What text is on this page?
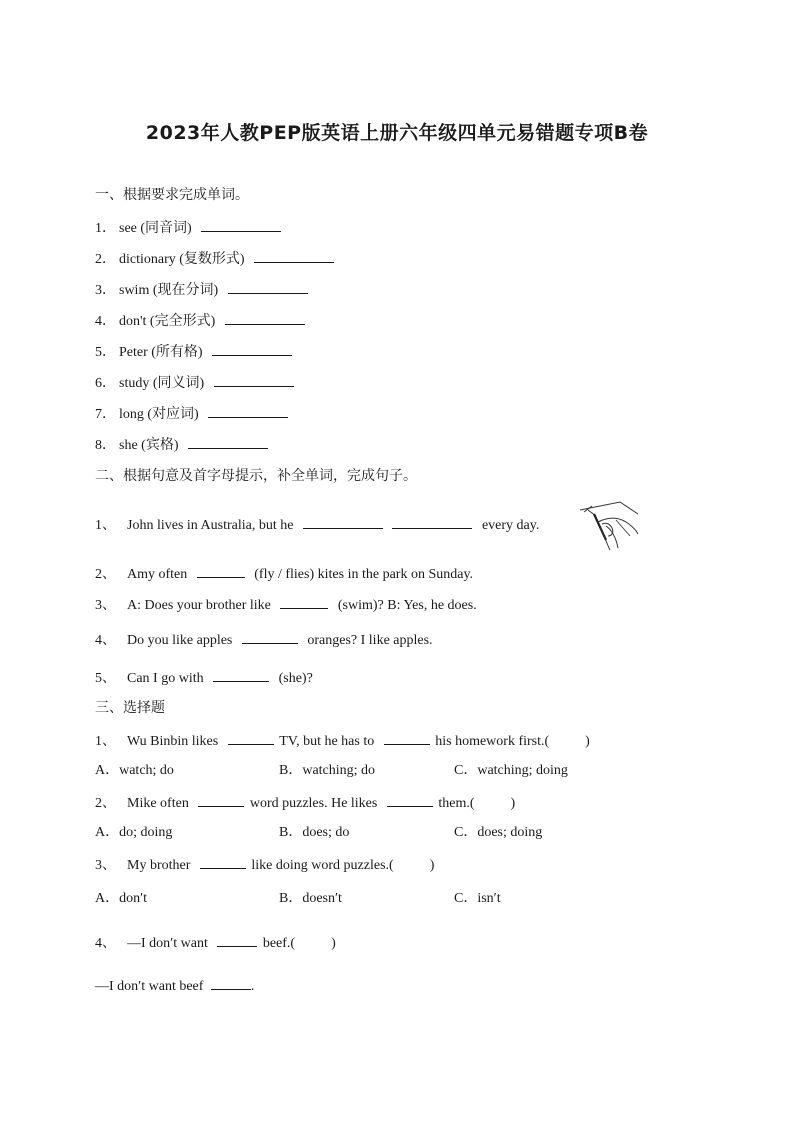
2023年人教PEP版英语上册六年级四单元易错题专项B卷
一、根据要求完成单词。
1． see (同音词)
2． dictionary (复数形式)
3． swim (现在分词)
4． don't (完全形式)
5． Peter (所有格)
6． study (同义词)
7． long (对应词)
8． she (宾格)
二、根据句意及首字母提示，补全单词，完成句子。
1、 John lives in Australia, but he	every day.
2、 Amy often	(fly / flies) kites in the park on Sunday.
3、 A: Does your brother like	(swim)? B: Yes, he does.
4、 Do you like apples	oranges? I like apples.
5、 Can I go with	(she)?
三、选择题
1、 Wu Binbin likes	TV, but he has to	his homework first.(	)
A．watch; do	B．watching; do	C．watching; doing
2、 Mike often	word puzzles. He likes	them.(	)
A．do; doing	B．does; do	C．does; doing
3、 My brother	like doing word puzzles.(	)
A．don′t	B．doesn′t	C．isn′t
4、 —I don′t want	beef.(	)
—I don′t want beef	.
